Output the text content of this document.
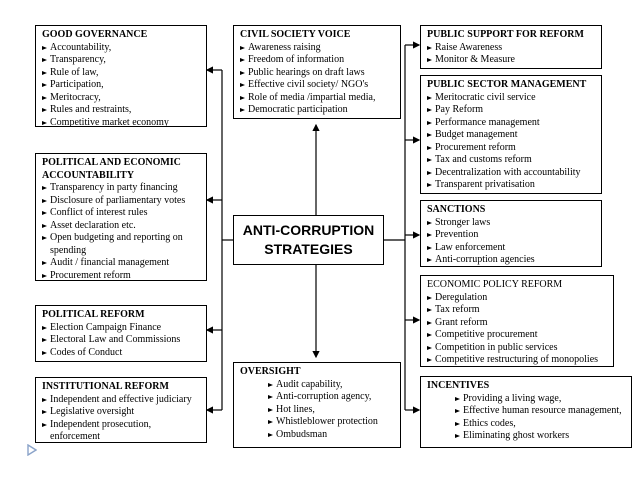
GOOD GOVERNANCE
Accountability,
Transparency,
Rule of law,
Participation,
Meritocracy,
Rules and restraints,
Competitive market economy
POLITICAL AND ECONOMIC
ACCOUNTABILITY
Transparency in party financing
Disclosure of parliamentary votes
Conflict of interest rules
Asset declaration etc.
Open budgeting and reporting on spending
Audit / financial management
Procurement reform
POLITICAL REFORM
Election Campaign Finance
Electoral Law and Commissions
Codes of Conduct
INSTITUTIONAL REFORM
Independent and effective judiciary
Legislative oversight
Independent prosecution, enforcement
CIVIL SOCIETY VOICE
Awareness raising
Freedom of information
Public hearings on draft laws
Effective civil society/ NGO's
Role of media /impartial media,
Democratic participation
ANTI-CORRUPTION
STRATEGIES
OVERSIGHT
Audit capability,
Anti-corruption agency,
Hot lines,
Whistleblower protection
Ombudsman
PUBLIC SUPPORT FOR REFORM
Raise Awareness
Monitor & Measure
PUBLIC SECTOR MANAGEMENT
Meritocratic civil service
Pay Reform
Performance management
Budget management
Procurement reform
Tax and customs reform
Decentralization with accountability
Transparent privatisation
SANCTIONS
Stronger laws
Prevention
Law enforcement
Anti-corruption agencies
ECONOMIC POLICY REFORM
Deregulation
Tax reform
Grant reform
Competitive procurement
Competition in public services
Competitive restructuring of monopolies
INCENTIVES
Providing a living wage,
Effective human resource management,
Ethics codes,
Eliminating ghost workers
